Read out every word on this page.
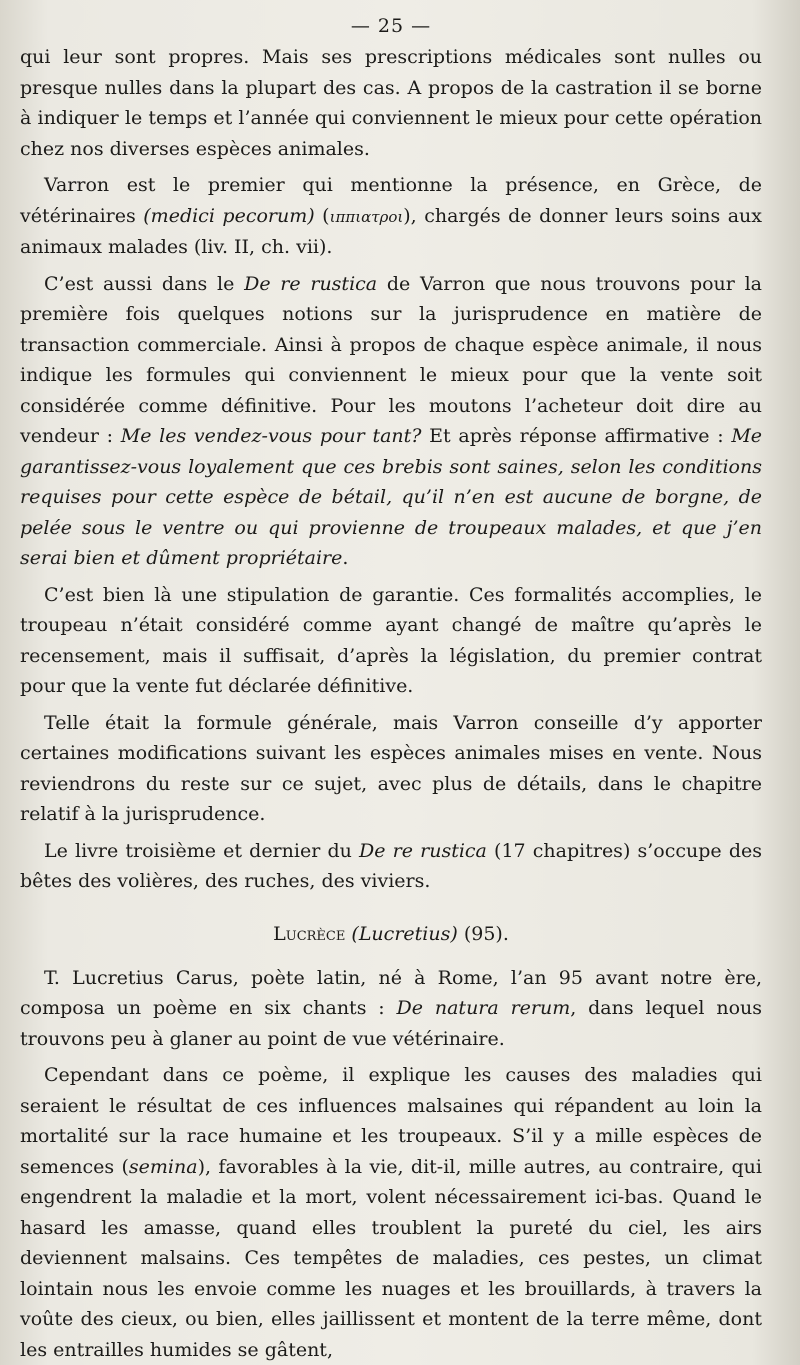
— 25 —

qui leur sont propres. Mais ses prescriptions médicales sont nulles ou presque nulles dans la plupart des cas. A propos de la castration il se borne à indiquer le temps et l’année qui conviennent le mieux pour cette opération chez nos diverses espèces animales.

Varron est le premier qui mentionne la présence, en Grèce, de vétérinaires (medici pecorum) (ιππιατροι), chargés de donner leurs soins aux animaux malades (liv. II, ch. vii).

C’est aussi dans le De re rustica de Varron que nous trouvons pour la première fois quelques notions sur la jurisprudence en matière de transaction commerciale. Ainsi à propos de chaque espèce animale, il nous indique les formules qui conviennent le mieux pour que la vente soit considérée comme définitive. Pour les moutons l’acheteur doit dire au vendeur : Me les vendez-vous pour tant? Et après réponse affirmative : Me garantissez-vous loyalement que ces brebis sont saines, selon les conditions requises pour cette espèce de bétail, qu’il n’en est aucune de borgne, de pelée sous le ventre ou qui provienne de troupeaux malades, et que j’en serai bien et dûment propriétaire.

C’est bien là une stipulation de garantie. Ces formalités accomplies, le troupeau n’était considéré comme ayant changé de maître qu’après le recensement, mais il suffisait, d’après la législation, du premier contrat pour que la vente fut déclarée définitive.

Telle était la formule générale, mais Varron conseille d’y apporter certaines modifications suivant les espèces animales mises en vente. Nous reviendrons du reste sur ce sujet, avec plus de détails, dans le chapitre relatif à la jurisprudence.

Le livre troisième et dernier du De re rustica (17 chapitres) s’occupe des bêtes des volières, des ruches, des viviers.

Lucrèce (Lucretius) (95).

T. Lucretius Carus, poète latin, né à Rome, l’an 95 avant notre ère, composa un poème en six chants : De natura rerum, dans lequel nous trouvons peu à glaner au point de vue vétérinaire.

Cependant dans ce poème, il explique les causes des maladies qui seraient le résultat de ces influences malsaines qui répandent au loin la mortalité sur la race humaine et les troupeaux. S’il y a mille espèces de semences (semina), favorables à la vie, dit-il, mille autres, au contraire, qui engendrent la maladie et la mort, volent nécessairement ici-bas. Quand le hasard les amasse, quand elles troublent la pureté du ciel, les airs deviennent malsains. Ces tempêtes de maladies, ces pestes, un climat lointain nous les envoie comme les nuages et les brouillards, à travers la voûte des cieux, ou bien, elles jaillissent et montent de la terre même, dont les entrailles humides se gâtent,
